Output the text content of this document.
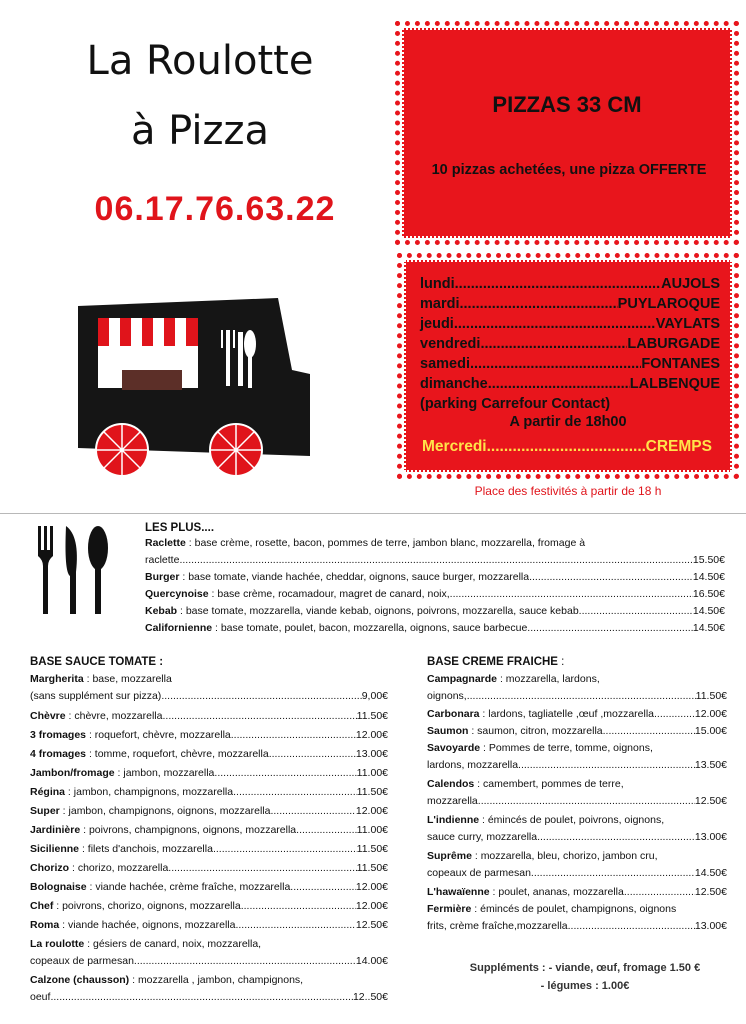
La Roulotte
à Pizza
06.17.76.63.22
PIZZAS 33 CM
10 pizzas achetées, une pizza OFFERTE
lundi .....	AUJOLS
mardi .....	PUYLAROQUE
jeudi .....	VAYLATS
vendredi .....	LABURGADE
samedi .....	FONTANES
dimanche .....	LALBENQUE
(parking Carrefour Contact)
A partir de 18h00
Mercredi .....	CREMPS
Place des festivités à partir de 18 h
LES PLUS....
Raclette : base crème, rosette, bacon, pommes de terre, jambon blanc, mozzarella, fromage à
raclette .....	15.50€
Burger : base tomate, viande hachée, cheddar, oignons, sauce burger, mozzarella .....	14.50€
Quercynoise : base crème, rocamadour, magret de canard, noix, .....	16.50€
Kebab : base tomate, mozzarella, viande kebab, oignons, poivrons, mozzarella, sauce kebab .....	14.50€
Californienne : base tomate, poulet, bacon, mozzarella, oignons, sauce barbecue .....	14.50€
BASE SAUCE TOMATE :
Margherita : base, mozzarella
(sans supplément sur pizza) .....	9,00€
Chèvre : chèvre, mozzarella .....	11.50€
3 fromages : roquefort, chèvre, mozzarella .....	12.00€
4 fromages : tomme, roquefort, chèvre, mozzarella .....	13.00€
Jambon/fromage : jambon, mozzarella .....	11.00€
Régina : jambon, champignons, mozzarella .....	11.50€
Super : jambon, champignons, oignons, mozzarella .....	12.00€
Jardinière : poivrons, champignons, oignons, mozzarella .....	11.00€
Sicilienne : filets d'anchois, mozzarella .....	11.50€
Chorizo : chorizo, mozzarella .....	11.50€
Bolognaise : viande hachée, crème fraîche, mozzarella .....	12.00€
Chef : poivrons, chorizo, oignons, mozzarella .....	12.00€
Roma : viande hachée, oignons, mozzarella .....	12.50€
La roulotte : gésiers de canard, noix, mozzarella,
copeaux de parmesan .....	14.00€
Calzone (chausson) : mozzarella , jambon, champignons,
oeuf .....	12..50€
BASE CREME FRAICHE :
Campagnarde : mozzarella, lardons,
oignons, .....	11.50€
Carbonara : lardons, tagliatelle ,œuf ,mozzarella .....	12.00€
Saumon : saumon, citron, mozzarella .....	15.00€
Savoyarde : Pommes de terre, tomme, oignons,
lardons, mozzarella .....	13.50€
Calendos : camembert, pommes de terre,
mozzarella .....	12.50€
L'indienne : émincés de poulet, poivrons, oignons,
sauce curry, mozzarella .....	13.00€
Suprême : mozzarella, bleu, chorizo, jambon cru,
copeaux de parmesan .....	14.50€
L'hawaïenne : poulet, ananas, mozzarella .....	12.50€
Fermière : émincés de poulet, champignons, oignons
frits, crème fraîche,mozzarella .....	13.00€
Suppléments : - viande, œuf, fromage 1.50 €
- légumes : 1.00€
